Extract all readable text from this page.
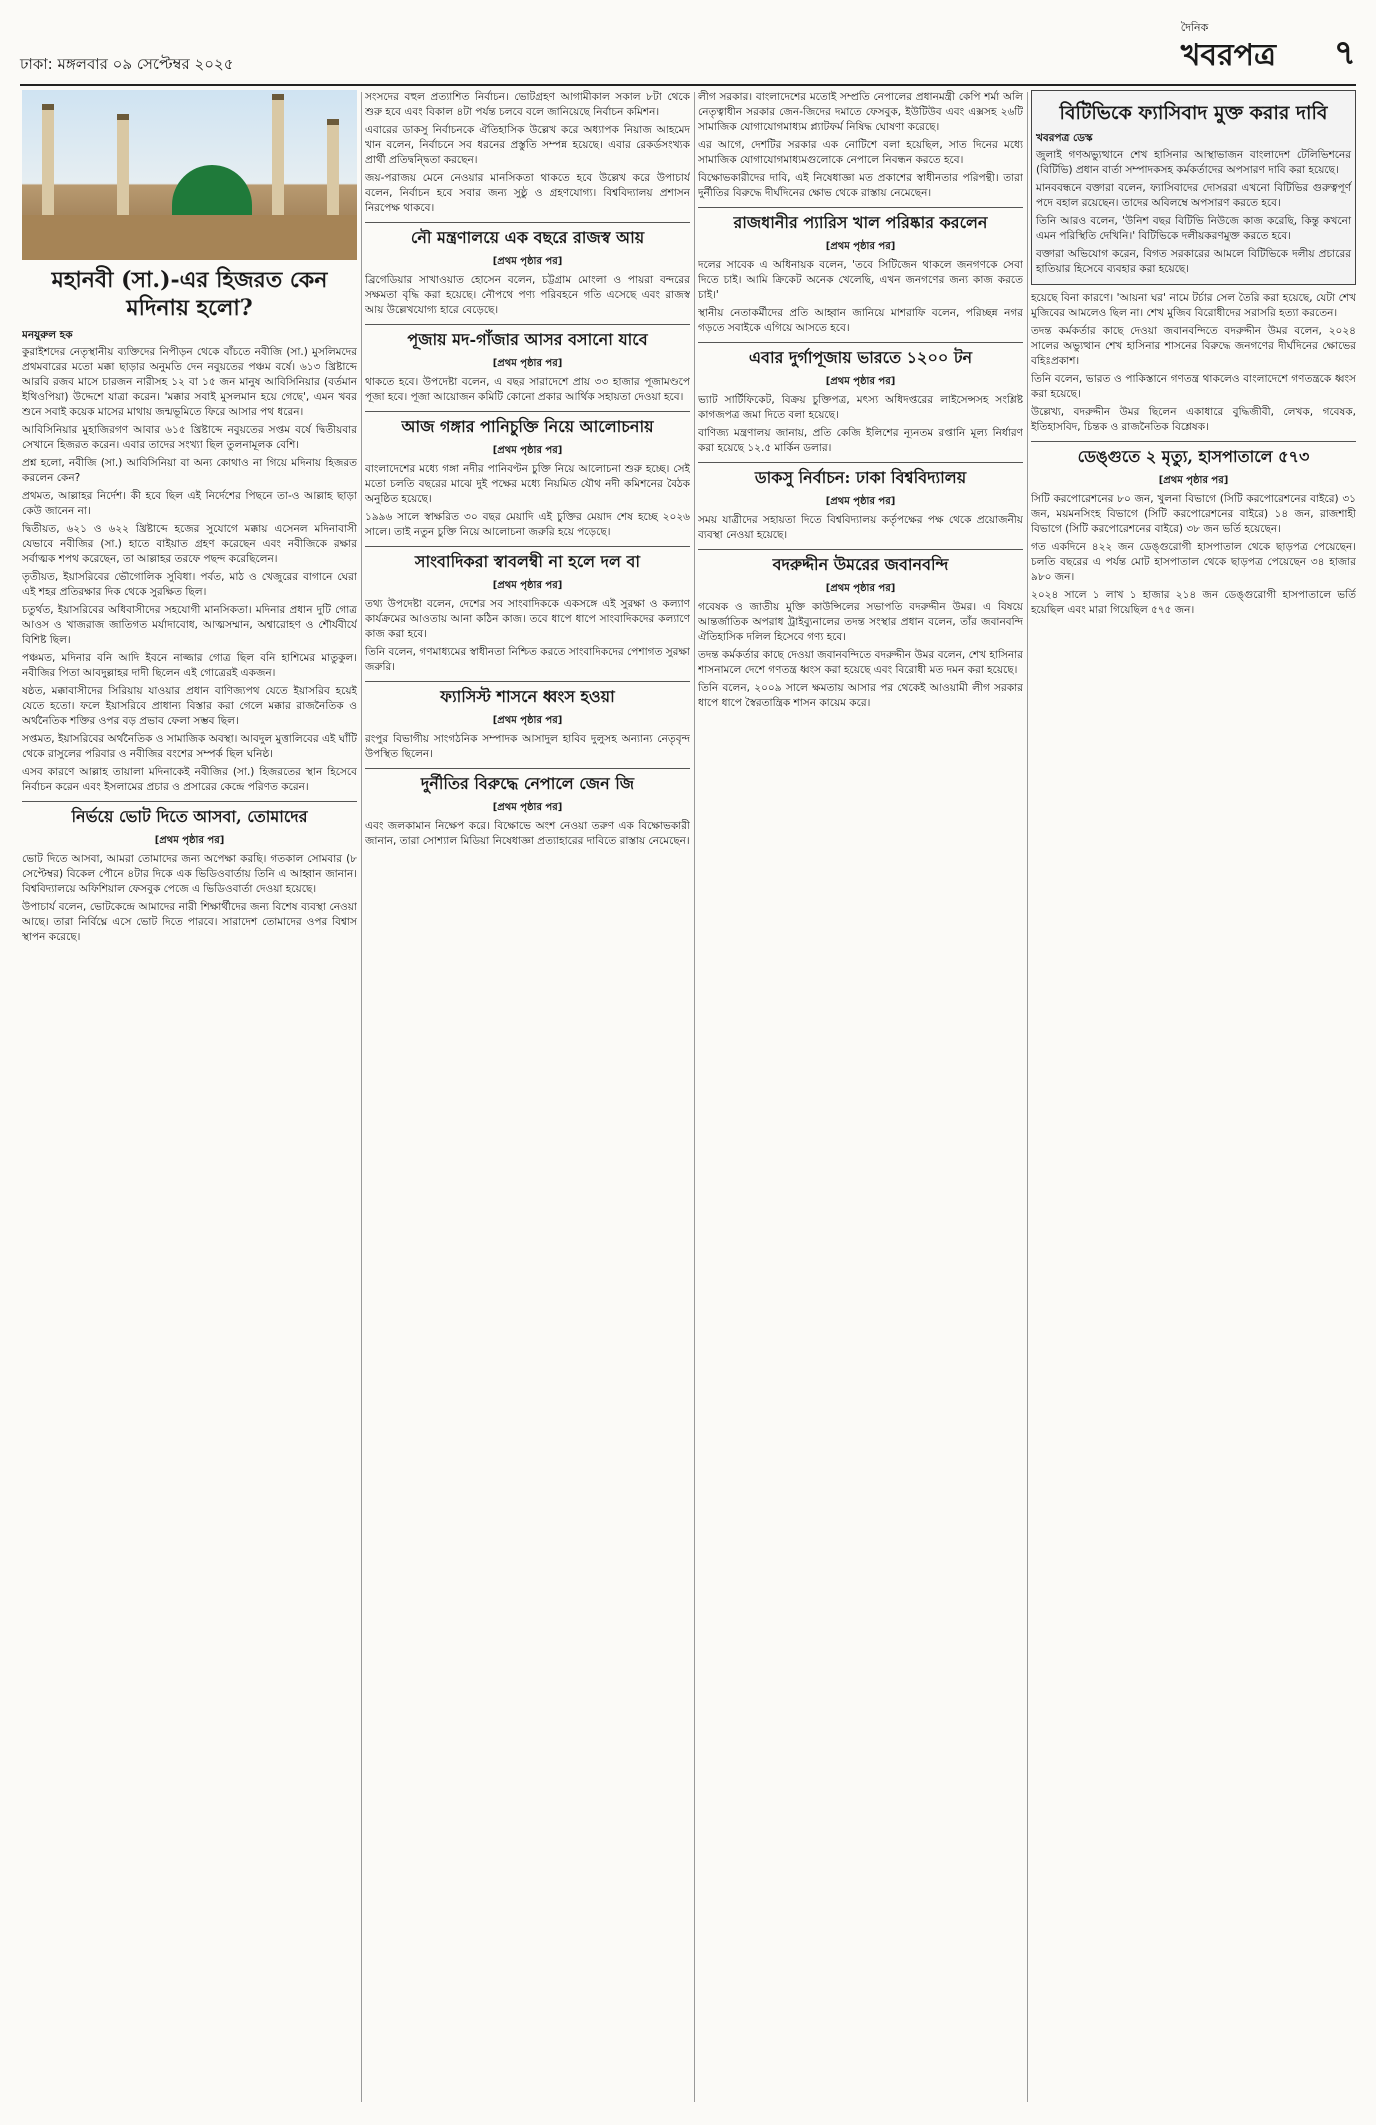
ঢাকা: মঙ্গলবার ০৯ সেপ্টেম্বর ২০২৫
দৈনিক
খবরপত্র ৭
মহানবী (সা.)-এর হিজরত কেন মদিনায় হলো?
মনযুরুল হক

কুরাইশদের নেতৃস্থানীয় ব্যক্তিদের নিপীড়ন থেকে বাঁচতে নবীজি (সা.) মুসলিমদের প্রথমবারের মতো মক্কা ছাড়ার অনুমতি দেন নবুয়তের পঞ্চম বর্ষে। ৬১৩ খ্রিষ্টাব্দে আরবি রজব মাসে চারজন নারীসহ ১২ বা ১৫ জন মানুষ আবিসিনিয়ার (বর্তমান ইথিওপিয়া) উদ্দেশে যাত্রা করেন। 'মক্কার সবাই মুসলমান হয়ে গেছে', এমন খবর শুনে সবাই কয়েক মাসের মাথায় জন্মভূমিতে ফিরে আসার পথ ধরেন।

আবিসিনিয়ার মুহাজিরগণ আবার ৬১৫ খ্রিষ্টাব্দে নবুয়তের সপ্তম বর্ষে দ্বিতীয়বার সেখানে হিজরত করেন। এবার তাদের সংখ্যা ছিল তুলনামূলক বেশি।

প্রশ্ন হলো, নবীজি (সা.) আবিসিনিয়া বা অন্য কোথাও না গিয়ে মদিনায় হিজরত করলেন কেন?

প্রথমত, আল্লাহর নির্দেশ। কী হবে ছিল এই নির্দেশের পিছনে তা-ও আল্লাহ ছাড়া কেউ জানেন না।

দ্বিতীয়ত, ৬২১ ও ৬২২ খ্রিষ্টাব্দে হজের সুযোগে মক্কায় এসেনল মদিনাবাসী যেভাবে নবীজির (সা.) হাতে বাইয়াত গ্রহণ করেছেন এবং নবীজিকে রক্ষার সর্বাত্মক শপথ করেছেন, তা আল্লাহর তরফে পছন্দ করেছিলেন।

তৃতীয়ত, ইয়াসরিবের ভৌগোলিক সুবিধা। পর্বত, মাঠ ও খেজুরের বাগানে ঘেরা এই শহর প্রতিরক্ষার দিক থেকে সুরক্ষিত ছিল।

চতুর্থত, ইয়াসরিবের অধিবাসীদের সহযোগী মানসিকতা। মদিনার প্রধান দুটি গোত্র আওস ও খাজরাজ জাতিগত মর্যাদাবোধ, আত্মসম্মান, অশ্বারোহণ ও শৌর্যবীর্যে বিশিষ্ট ছিল।

পঞ্চমত, মদিনার বনি আদি ইবনে নাজ্জার গোত্র ছিল বনি হাশিমের মাতুকুল। নবীজির পিতা আবদুল্লাহর দাদী ছিলেন এই গোত্রেরই একজন।

ষষ্ঠত, মক্কাবাসীদের সিরিয়ায় যাওয়ার প্রধান বাণিজ্যপথ যেতে ইয়াসরিব হয়েই যেতে হতো। ফলে ইয়াসরিবে প্রাধান্য বিস্তার করা গেলে মক্কার রাজনৈতিক ও অর্থনৈতিক শক্তির ওপর বড় প্রভাব ফেলা সম্ভব ছিল।

সপ্তমত, ইয়াসরিবের অর্থনৈতিক ও সামাজিক অবস্থা। আবদুল মুত্তালিবের এই ঘাঁটি থেকে রাসুলের পরিবার ও নবীজির বংশের সম্পর্ক ছিল ঘনিষ্ঠ।

এসব কারণে আল্লাহ তায়ালা মদিনাকেই নবীজির (সা.) হিজরতের স্থান হিসেবে নির্বাচন করেন এবং ইসলামের প্রচার ও প্রসারের কেন্দ্রে পরিণত করেন।

নির্ভয়ে ভোট দিতে আসবা, তোমাদের
[প্রথম পৃষ্ঠার পর]

ভোট দিতে আসবা, আমরা তোমাদের জন্য অপেক্ষা করছি। গতকাল সোমবার (৮ সেপ্টেম্বর) বিকেল পৌনে ৪টার দিকে এক ভিডিওবার্তায় তিনি এ আহ্বান জানান। বিশ্ববিদ্যালয়ে অফিশিয়াল ফেসবুক পেজে এ ভিডিওবার্তা দেওয়া হয়েছে।

উপাচার্য বলেন, ভোটকেন্দ্রে আমাদের নারী শিক্ষার্থীদের জন্য বিশেষ ব্যবস্থা নেওয়া আছে। তারা নির্বিঘ্নে এসে ভোট দিতে পারবে। সারাদেশ তোমাদের ওপর বিশ্বাস স্থাপন করেছে।

সংসদের বহুল প্রত্যাশিত নির্বাচন। ভোটগ্রহণ আগামীকাল সকাল ৮টা থেকে শুরু হবে এবং বিকাল ৪টা পর্যন্ত চলবে বলে জানিয়েছে নির্বাচন কমিশন।

এবারের ডাকসু নির্বাচনকে ঐতিহাসিক উল্লেখ করে অধ্যাপক নিয়াজ আহমেদ খান বলেন, নির্বাচনে সব ধরনের প্রস্তুতি সম্পন্ন হয়েছে। এবার রেকর্ডসংখ্যক প্রার্থী প্রতিদ্বন্দ্বিতা করছেন।

জয়-পরাজয় মেনে নেওয়ার মানসিকতা থাকতে হবে উল্লেখ করে উপাচার্য বলেন, নির্বাচন হবে সবার জন্য সুষ্ঠু ও গ্রহণযোগ্য। বিশ্ববিদ্যালয় প্রশাসন নিরপেক্ষ থাকবে।

নৌ মন্ত্রণালয়ে এক বছরে রাজস্ব আয়
[প্রথম পৃষ্ঠার পর]

ব্রিগেডিয়ার সাখাওয়াত হোসেন বলেন, চট্টগ্রাম মোংলা ও পায়রা বন্দরের সক্ষমতা বৃদ্ধি করা হয়েছে। নৌপথে পণ্য পরিবহনে গতি এসেছে এবং রাজস্ব আয় উল্লেখযোগ্য হারে বেড়েছে।

পূজায় মদ-গাঁজার আসর বসানো যাবে
[প্রথম পৃষ্ঠার পর]

থাকতে হবে। উপদেষ্টা বলেন, এ বছর সারাদেশে প্রায় ৩৩ হাজার পূজামণ্ডপে পূজা হবে। পূজা আয়োজন কমিটি কোনো প্রকার আর্থিক সহায়তা দেওয়া হবে।

আজ গঙ্গার পানিচুক্তি নিয়ে আলোচনায়
[প্রথম পৃষ্ঠার পর]

বাংলাদেশের মধ্যে গঙ্গা নদীর পানিবণ্টন চুক্তি নিয়ে আলোচনা শুরু হচ্ছে। সেই মতো চলতি বছরের মাঝে দুই পক্ষের মধ্যে নিয়মিত যৌথ নদী কমিশনের বৈঠক অনুষ্ঠিত হয়েছে।

১৯৯৬ সালে স্বাক্ষরিত ৩০ বছর মেয়াদি এই চুক্তির মেয়াদ শেষ হচ্ছে ২০২৬ সালে। তাই নতুন চুক্তি নিয়ে আলোচনা জরুরি হয়ে পড়েছে।

সাংবাদিকরা স্বাবলম্বী না হলে দল বা
[প্রথম পৃষ্ঠার পর]

তথ্য উপদেষ্টা বলেন, দেশের সব সাংবাদিককে একসঙ্গে এই সুরক্ষা ও কল্যাণ কার্যক্রমের আওতায় আনা কঠিন কাজ। তবে ধাপে ধাপে সাংবাদিকদের কল্যাণে কাজ করা হবে।

তিনি বলেন, গণমাধ্যমের স্বাধীনতা নিশ্চিত করতে সাংবাদিকদের পেশাগত সুরক্ষা জরুরি।

ফ্যাসিস্ট শাসনে ধ্বংস হওয়া
[প্রথম পৃষ্ঠার পর]

রংপুর বিভাগীয় সাংগঠনিক সম্পাদক আসাদুল হাবিব দুলুসহ অন্যান্য নেতৃবৃন্দ উপস্থিত ছিলেন।

দুর্নীতির বিরুদ্ধে নেপালে জেন জি
[প্রথম পৃষ্ঠার পর]

এবং জলকামান নিক্ষেপ করে। বিক্ষোভে অংশ নেওয়া তরুণ এক বিক্ষোভকারী জানান, তারা সোশ্যাল মিডিয়া নিষেধাজ্ঞা প্রত্যাহারের দাবিতে রাস্তায় নেমেছেন।

লীগ সরকার। বাংলাদেশের মতোই সম্প্রতি নেপালের প্রধানমন্ত্রী কেপি শর্মা অলি নেতৃত্বাধীন সরকার জেন-জিদের দমাতে ফেসবুক, ইউটিউব এবং এক্সসহ ২৬টি সামাজিক যোগাযোগমাধ্যম প্ল্যাটফর্ম নিষিদ্ধ ঘোষণা করেছে।

এর আগে, দেশটির সরকার এক নোটিশে বলা হয়েছিল, সাত দিনের মধ্যে সামাজিক যোগাযোগমাধ্যমগুলোকে নেপালে নিবন্ধন করতে হবে।

বিক্ষোভকারীদের দাবি, এই নিষেধাজ্ঞা মত প্রকাশের স্বাধীনতার পরিপন্থী। তারা দুর্নীতির বিরুদ্ধে দীর্ঘদিনের ক্ষোভ থেকে রাস্তায় নেমেছেন।

রাজধানীর প্যারিস খাল পরিষ্কার করলেন
[প্রথম পৃষ্ঠার পর]

দলের সাবেক এ অধিনায়ক বলেন, 'তবে সিটিজেন থাকলে জনগণকে সেবা দিতে চাই। আমি ক্রিকেট অনেক খেলেছি, এখন জনগণের জন্য কাজ করতে চাই।'

স্থানীয় নেতাকর্মীদের প্রতি আহ্বান জানিয়ে মাশরাফি বলেন, পরিচ্ছন্ন নগর গড়তে সবাইকে এগিয়ে আসতে হবে।

এবার দুর্গাপূজায় ভারতে ১২০০ টন
[প্রথম পৃষ্ঠার পর]

ভ্যাট সার্টিফিকেট, বিক্রয় চুক্তিপত্র, মৎস্য অধিদপ্তরের লাইসেন্সসহ সংশ্লিষ্ট কাগজপত্র জমা দিতে বলা হয়েছে।

বাণিজ্য মন্ত্রণালয় জানায়, প্রতি কেজি ইলিশের ন্যূনতম রপ্তানি মূল্য নির্ধারণ করা হয়েছে ১২.৫ মার্কিন ডলার।

ডাকসু নির্বাচন: ঢাকা বিশ্ববিদ্যালয়
[প্রথম পৃষ্ঠার পর]

সময় যাত্রীদের সহায়তা দিতে বিশ্ববিদ্যালয় কর্তৃপক্ষের পক্ষ থেকে প্রয়োজনীয় ব্যবস্থা নেওয়া হয়েছে।

বদরুদ্দীন উমরের জবানবন্দি
[প্রথম পৃষ্ঠার পর]

গবেষক ও জাতীয় মুক্তি কাউন্সিলের সভাপতি বদরুদ্দীন উমর। এ বিষয়ে আন্তর্জাতিক অপরাধ ট্রাইব্যুনালের তদন্ত সংস্থার প্রধান বলেন, তাঁর জবানবন্দি ঐতিহাসিক দলিল হিসেবে গণ্য হবে।

তদন্ত কর্মকর্তার কাছে দেওয়া জবানবন্দিতে বদরুদ্দীন উমর বলেন, শেখ হাসিনার শাসনামলে দেশে গণতন্ত্র ধ্বংস করা হয়েছে এবং বিরোধী মত দমন করা হয়েছে।

তিনি বলেন, ২০০৯ সালে ক্ষমতায় আসার পর থেকেই আওয়ামী লীগ সরকার ধাপে ধাপে স্বৈরতান্ত্রিক শাসন কায়েম করে।

বিটিভিকে ফ্যাসিবাদ মুক্ত করার দাবি
খবরপত্র ডেস্ক

জুলাই গণঅভ্যুত্থানে শেখ হাসিনার আস্থাভাজন বাংলাদেশ টেলিভিশনের (বিটিভি) প্রধান বার্তা সম্পাদকসহ কর্মকর্তাদের অপসারণ দাবি করা হয়েছে।

মানববন্ধনে বক্তারা বলেন, ফ্যাসিবাদের দোসররা এখনো বিটিভির গুরুত্বপূর্ণ পদে বহাল রয়েছেন। তাদের অবিলম্বে অপসারণ করতে হবে।

তিনি আরও বলেন, 'উনিশ বছর বিটিভি নিউজে কাজ করেছি, কিন্তু কখনো এমন পরিস্থিতি দেখিনি।' বিটিভিকে দলীয়করণমুক্ত করতে হবে।

বক্তারা অভিযোগ করেন, বিগত সরকারের আমলে বিটিভিকে দলীয় প্রচারের হাতিয়ার হিসেবে ব্যবহার করা হয়েছে।

হয়েছে বিনা কারণে। 'আয়না ঘর' নামে টর্চার সেল তৈরি করা হয়েছে, যেটা শেখ মুজিবের আমলেও ছিল না। শেখ মুজিব বিরোধীদের সরাসরি হত্যা করতেন।

তদন্ত কর্মকর্তার কাছে দেওয়া জবানবন্দিতে বদরুদ্দীন উমর বলেন, ২০২৪ সালের অভ্যুত্থান শেখ হাসিনার শাসনের বিরুদ্ধে জনগণের দীর্ঘদিনের ক্ষোভের বহিঃপ্রকাশ।

তিনি বলেন, ভারত ও পাকিস্তানে গণতন্ত্র থাকলেও বাংলাদেশে গণতন্ত্রকে ধ্বংস করা হয়েছে।

উল্লেখ্য, বদরুদ্দীন উমর ছিলেন একাধারে বুদ্ধিজীবী, লেখক, গবেষক, ইতিহাসবিদ, চিন্তক ও রাজনৈতিক বিশ্লেষক।

ডেঙ্গুতে ২ মৃত্যু, হাসপাতালে ৫৭৩
[প্রথম পৃষ্ঠার পর]

সিটি করপোরেশনের ৮০ জন, খুলনা বিভাগে (সিটি করপোরেশনের বাইরে) ৩১ জন, ময়মনসিংহ বিভাগে (সিটি করপোরেশনের বাইরে) ১৪ জন, রাজশাহী বিভাগে (সিটি করপোরেশনের বাইরে) ৩৮ জন ভর্তি হয়েছেন।

গত একদিনে ৪২২ জন ডেঙ্গুরোগী হাসপাতাল থেকে ছাড়পত্র পেয়েছেন। চলতি বছরের এ পর্যন্ত মোট হাসপাতাল থেকে ছাড়পত্র পেয়েছেন ৩৪ হাজার ৯৮০ জন।

২০২৪ সালে ১ লাখ ১ হাজার ২১৪ জন ডেঙ্গুরোগী হাসপাতালে ভর্তি হয়েছিল এবং মারা গিয়েছিল ৫৭৫ জন।
